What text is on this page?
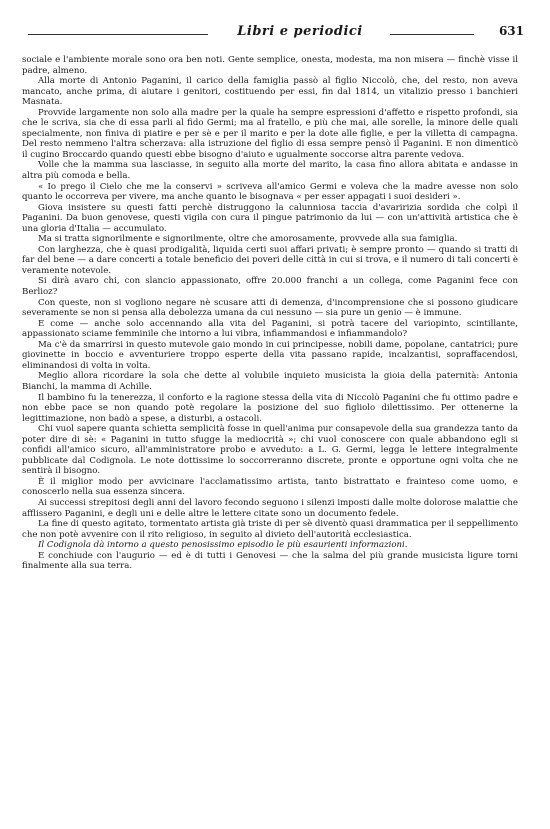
Libri e periodici	631

sociale e l'ambiente morale sono ora ben noti. Gente semplice, onesta, modesta, ma non misera — finchè visse il padre, almeno.

Alla morte di Antonio Paganini, il carico della famiglia passò al figlio Niccolò, che, del resto, non aveva mancato, anche prima, di aiutare i genitori, costituendo per essi, fin dal 1814, un vitalizio presso i banchieri Masnata.

Provvide largamente non solo alla madre per la quale ha sempre espressioni d'affetto e rispetto profondi, sia che le scriva, sia che di essa parli al fido Germi; ma al fratello, e più che mai, alle sorelle, la minore delle quali specialmente, non finiva di piatire e per sè e per il marito e per la dote alle figlie, e per la villetta di campagna. Del resto nemmeno l'altra scherzava: alla istruzione del figlio di essa sempre pensò il Paganini. E non dimenticò il cugino Broccardo quando questi ebbe bisogno d'aiuto e ugualmente soccorse altra parente vedova.

Volle che la mamma sua lasciasse, in seguito alla morte del marito, la casa fino allora abitata e andasse in altra più comoda e bella.

« Io prego il Cielo che me la conservi » scriveva all'amico Germi e voleva che la madre avesse non solo quanto le occorreva per vivere, ma anche quanto le bisognava « per esser appagati i suoi desideri ».

Giova insistere su questi fatti perchè distruggono la calunniosa taccia d'avaririzia sordida che colpì il Paganini. Da buon genovese, questi vigila con cura il pingue patrimonio da lui — con un'attività artistica che è una gloria d'Italia — accumulato.

Ma si tratta signorilmente e signorilmente, oltre che amorosamente, provvede alla sua famiglia.

Con larghezza, che è quasi prodigalità, liquida certi suoi affari privati; è sempre pronto — quando si tratti di far del bene — a dare concerti a totale beneficio dei poveri delle città in cui si trova, e il numero di tali concerti è veramente notevole.

Si dirà avaro chi, con slancio appassionato, offre 20.000 franchi a un collega, come Paganini fece con Berlioz?

Con queste, non si vogliono negare nè scusare atti di demenza, d'incomprensione che si possono giudicare severamente se non si pensa alla debolezza umana da cui nessuno — sia pure un genio — è immune.

E come — anche solo accennando alla vita del Paganini, si potrà tacere del variopinto, scintillante, appassionato sciame femminile che intorno a lui vibra, infiammandosi e infiammandolo?

Ma c'è da smarrirsi in questo mutevole gaio mondo in cui principesse, nobili dame, popolane, cantatrici; pure giovinette in boccio e avventuriere troppo esperte della vita passano rapide, incalzantisi, sopraffacendosi, eliminandosi di volta in volta.

Meglio allora ricordare la sola che dette al volubile inquieto musicista la gioia della paternità: Antonia Bianchi, la mamma di Achille.

Il bambino fu la tenerezza, il conforto e la ragione stessa della vita di Niccolò Paganini che fu ottimo padre e non ebbe pace se non quando potè regolare la posizione del suo figliolo dilettissimo. Per ottenerne la legittimazione, non badò a spese, a disturbi, a ostacoli.

Chi vuol sapere quanta schietta semplicità fosse in quell'anima pur consapevole della sua grandezza tanto da poter dire di sè: « Paganini in tutto sfugge la mediocrità »; chi vuol conoscere con quale abbandono egli si confidi all'amico sicuro, all'amministratore probo e avveduto: a L. G. Germi, legga le lettere integralmente pubblicate dal Codignola. Le note dottissime lo soccorreranno discrete, pronte e opportune ogni volta che ne sentirà il bisogno.

È il miglior modo per avvicinare l'acclamatissimo artista, tanto bistrattato e frainteso come uomo, e conoscerlo nella sua essenza sincera.

Ai successi strepitosi degli anni del lavoro fecondo seguono i silenzi imposti dalle molte dolorose malattie che afflissero Paganini, e degli uni e delle altre le lettere citate sono un documento fedele.

La fine di questo agitato, tormentato artista già triste di per sè diventò quasi drammatica per il seppellimento che non potè avvenire con il rito religioso, in seguito al divieto dell'autorità ecclesiastica.

Il Codignola dà intorno a questo penosissimo episodio le più esaurienti informazioni.

E conchiude con l'augurio — ed è di tutti i Genovesi — che la salma del più grande musicista ligure torni finalmente alla sua terra.
